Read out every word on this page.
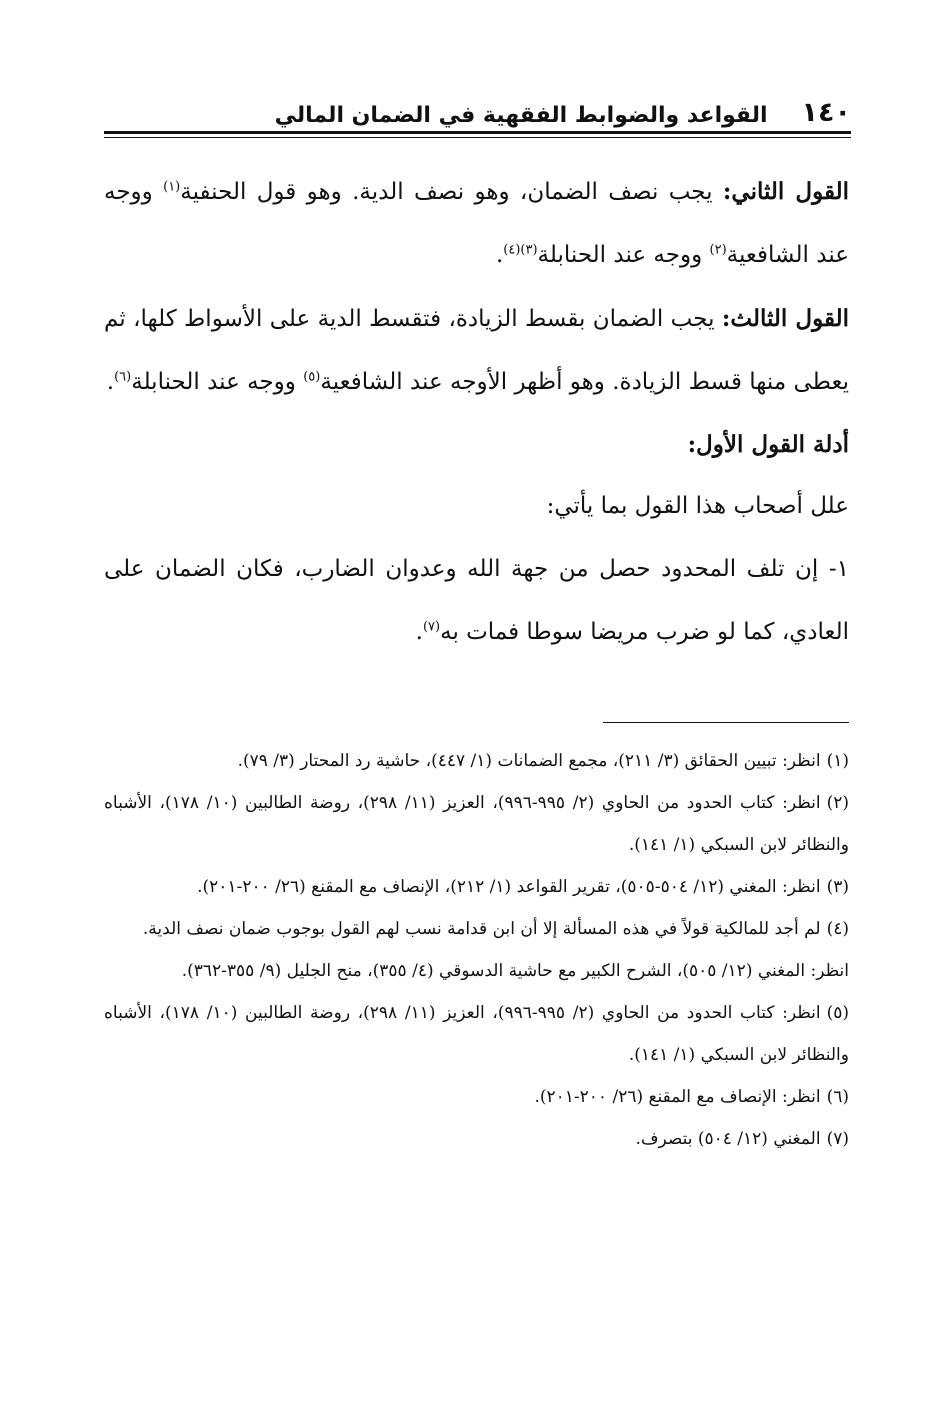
١٤٠
القواعد والضوابط الفقهية في الضمان المالي

القول الثاني: يجب نصف الضمان، وهو نصف الدية. وهو قول الحنفية$^{(١)}$ ووجه عند الشافعية$^{(٢)}$ ووجه عند الحنابلة$^{(٣)(٤)}$.

القول الثالث: يجب الضمان بقسط الزيادة، فتقسط الدية على الأسواط كلها، ثم يعطى منها قسط الزيادة. وهو أظهر الأوجه عند الشافعية$^{(٥)}$ ووجه عند الحنابلة$^{(٦)}$.

أدلة القول الأول:

علل أصحاب هذا القول بما يأتي:

١- إن تلف المحدود حصل من جهة الله وعدوان الضارب، فكان الضمان على العادي، كما لو ضرب مريضا سوطا فمات به$^{(٧)}$.

(١)انظر: تبيين الحقائق (٣/ ٢١١)، مجمع الضمانات (١/ ٤٤٧)، حاشية رد المحتار (٣/ ٧٩).

(٢)انظر: كتاب الحدود من الحاوي (٢/ ٩٩٥-٩٩٦)، العزيز (١١/ ٢٩٨)، روضة الطالبين (١٠/ ١٧٨)، الأشباه والنظائر لابن السبكي (١/ ١٤١).

(٣)انظر: المغني (١٢/ ٥٠٤-٥٠٥)، تقرير القواعد (١/ ٢١٢)، الإنصاف مع المقنع (٢٦/ ٢٠٠-٢٠١).

(٤)لم أجد للمالكية قولاً في هذه المسألة إلا أن ابن قدامة نسب لهم القول بوجوب ضمان نصف الدية.

انظر: المغني (١٢/ ٥٠٥)، الشرح الكبير مع حاشية الدسوقي (٤/ ٣٥٥)، منح الجليل (٩/ ٣٥٥-٣٦٢).

(٥)انظر: كتاب الحدود من الحاوي (٢/ ٩٩٥-٩٩٦)، العزيز (١١/ ٢٩٨)، روضة الطالبين (١٠/ ١٧٨)، الأشباه والنظائر لابن السبكي (١/ ١٤١).

(٦)انظر: الإنصاف مع المقنع (٢٦/ ٢٠٠-٢٠١).

(٧)المغني (١٢/ ٥٠٤) بتصرف.
